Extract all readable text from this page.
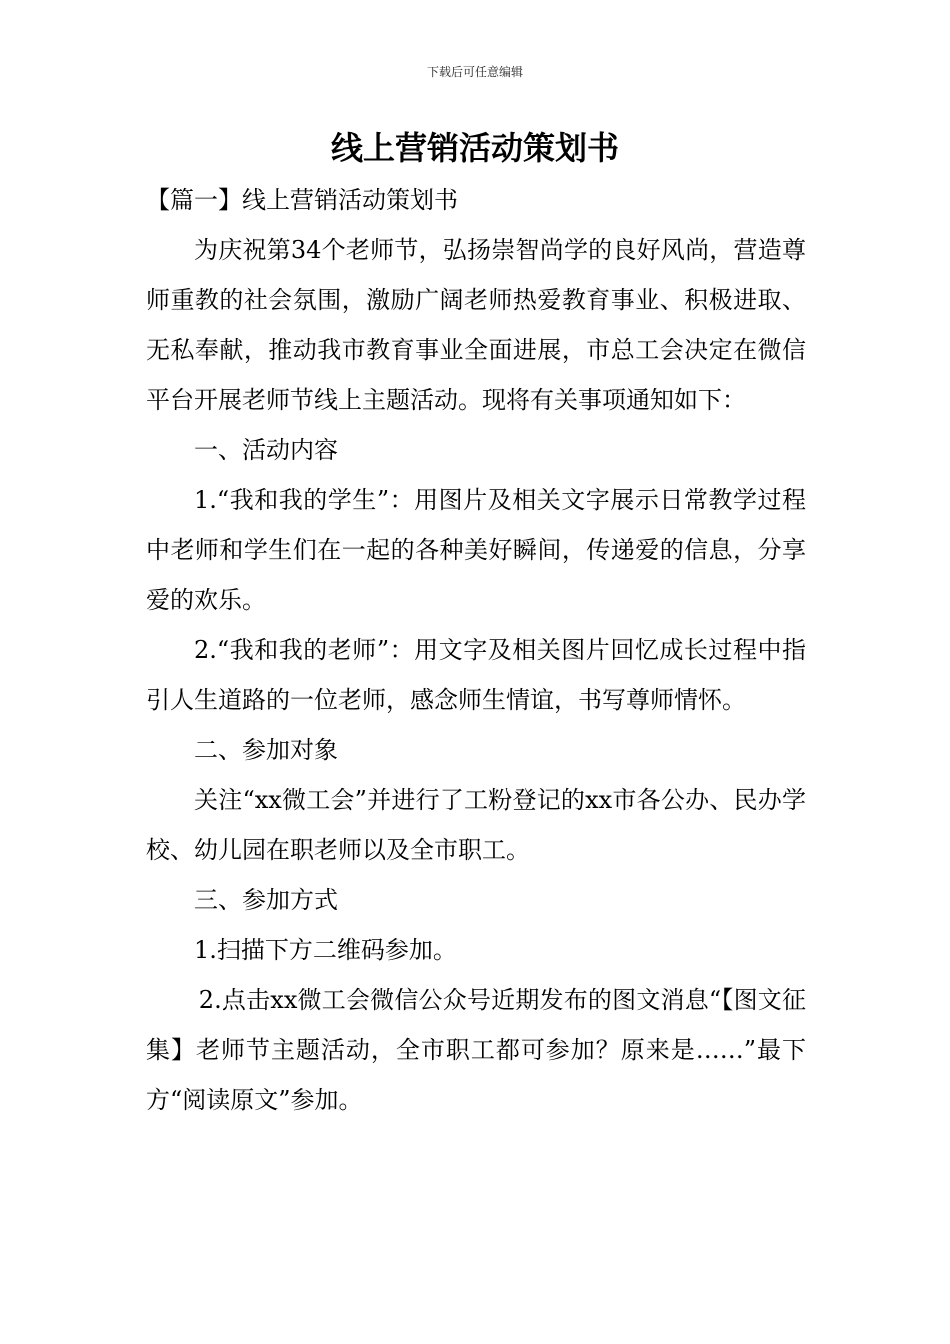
下载后可任意编辑
线上营销活动策划书

【篇一】线上营销活动策划书

为庆祝第34个老师节，弘扬崇智尚学的良好风尚，营造尊师重教的社会氛围，激励广阔老师热爱教育事业、积极进取、无私奉献，推动我市教育事业全面进展，市总工会决定在微信平台开展老师节线上主题活动。现将有关事项通知如下：

一、活动内容

1.“我和我的学生”：用图片及相关文字展示日常教学过程中老师和学生们在一起的各种美好瞬间，传递爱的信息，分享爱的欢乐。

2.“我和我的老师”：用文字及相关图片回忆成长过程中指引人生道路的一位老师，感念师生情谊，书写尊师情怀。

二、参加对象

关注“xx微工会”并进行了工粉登记的xx市各公办、民办学校、幼儿园在职老师以及全市职工。

三、参加方式

1.扫描下方二维码参加。

2.点击xx微工会微信公众号近期发布的图文消息“【图文征集】老师节主题活动，全市职工都可参加？原来是……”最下方“阅读原文”参加。
